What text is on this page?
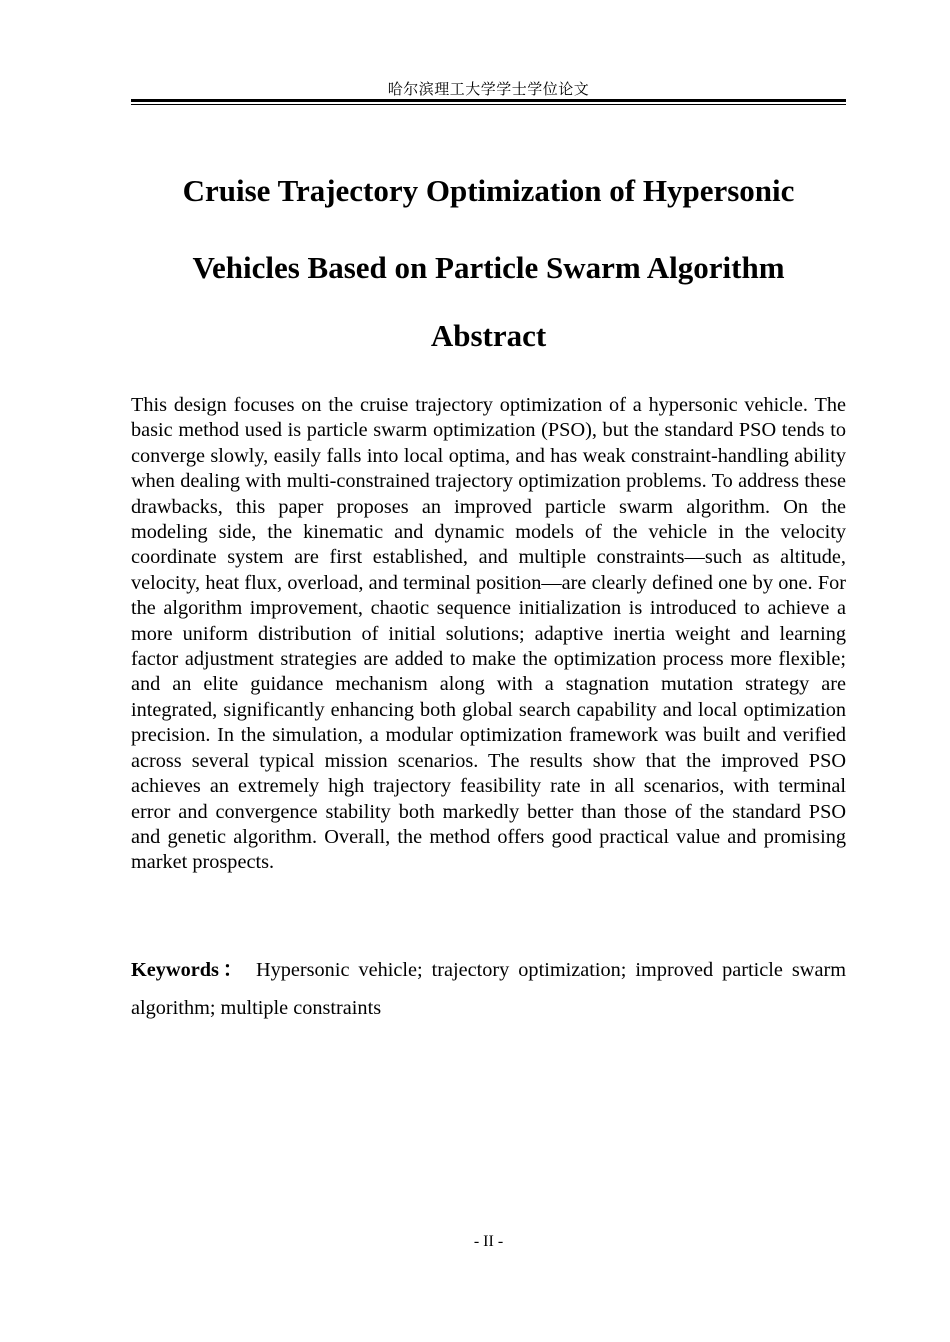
哈尔滨理工大学学士学位论文
Cruise Trajectory Optimization of Hypersonic
Vehicles Based on Particle Swarm Algorithm
Abstract

This design focuses on the cruise trajectory optimization of a hypersonic vehicle. The basic method used is particle swarm optimization (PSO), but the standard PSO tends to converge slowly, easily falls into local optima, and has weak constraint-handling ability when dealing with multi-constrained trajectory optimization problems. To address these drawbacks, this paper proposes an improved particle swarm algorithm. On the modeling side, the kinematic and dynamic models of the vehicle in the velocity coordinate system are first established, and multiple constraints—such as altitude, velocity, heat flux, overload, and terminal position—are clearly defined one by one. For the algorithm improvement, chaotic sequence initialization is introduced to achieve a more uniform distribution of initial solutions; adaptive inertia weight and learning factor adjustment strategies are added to make the optimization process more flexible; and an elite guidance mechanism along with a stagnation mutation strategy are integrated, significantly enhancing both global search capability and local optimization precision. In the simulation, a modular optimization framework was built and verified across several typical mission scenarios. The results show that the improved PSO achieves an extremely high trajectory feasibility rate in all scenarios, with terminal error and convergence stability both markedly better than those of the standard PSO and genetic algorithm. Overall, the method offers good practical value and promising market prospects.

Keywords： Hypersonic vehicle; trajectory optimization; improved particle swarm algorithm; multiple constraints

- II -
